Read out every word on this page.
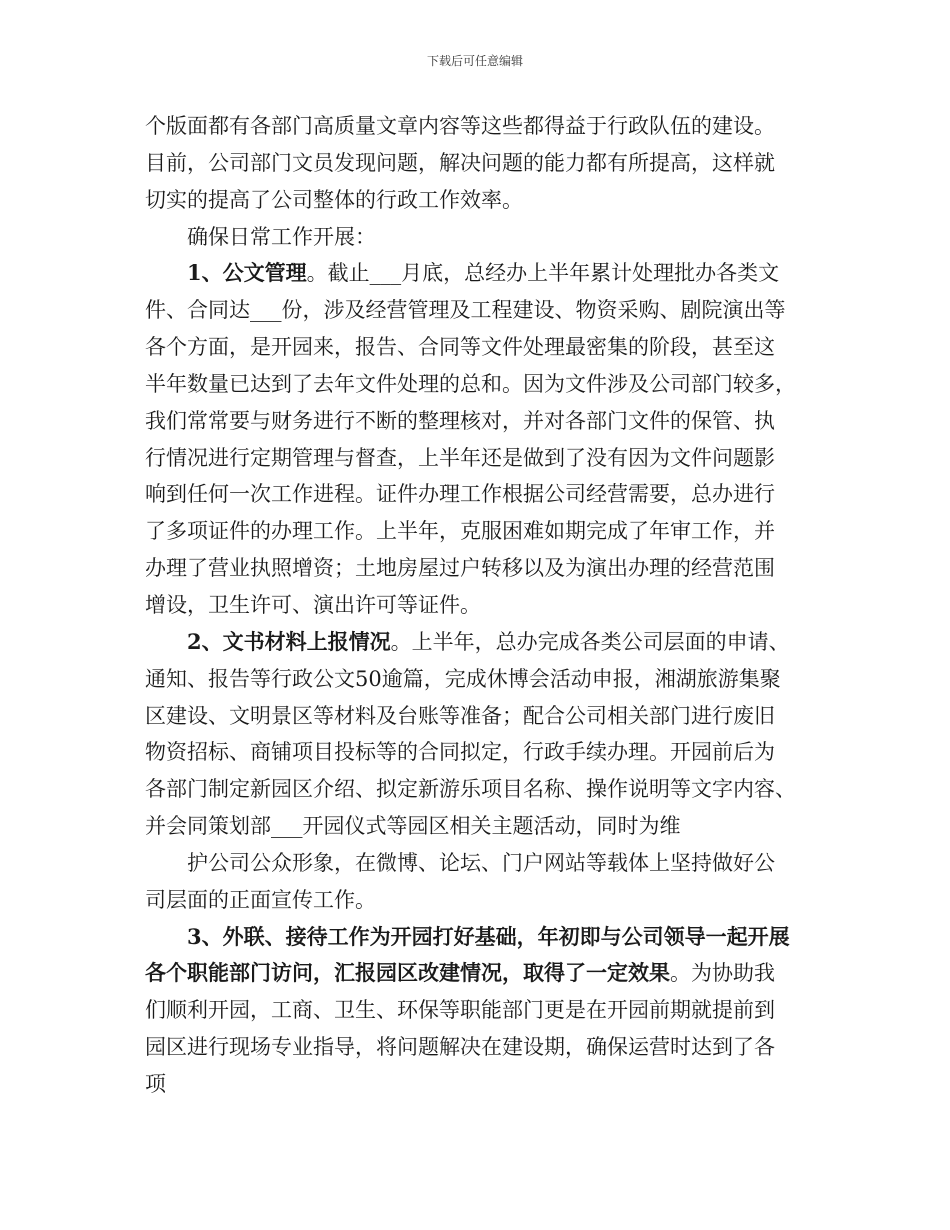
下载后可任意编辑
个版面都有各部门高质量文章内容等这些都得益于行政队伍的建设。
目前，公司部门文员发现问题，解决问题的能力都有所提高，这样就
切实的提高了公司整体的行政工作效率。
确保日常工作开展：
1、公文管理。截止___月底，总经办上半年累计处理批办各类文
件、合同达___份，涉及经营管理及工程建设、物资采购、剧院演出等
各个方面，是开园来，报告、合同等文件处理最密集的阶段，甚至这
半年数量已达到了去年文件处理的总和。因为文件涉及公司部门较多，
我们常常要与财务进行不断的整理核对，并对各部门文件的保管、执
行情况进行定期管理与督查，上半年还是做到了没有因为文件问题影
响到任何一次工作进程。证件办理工作根据公司经营需要，总办进行
了多项证件的办理工作。上半年，克服困难如期完成了年审工作，并
办理了营业执照增资；土地房屋过户转移以及为演出办理的经营范围
增设，卫生许可、演出许可等证件。
2、文书材料上报情况。上半年，总办完成各类公司层面的申请、
通知、报告等行政公文50逾篇，完成休博会活动申报，湘湖旅游集聚
区建设、文明景区等材料及台账等准备；配合公司相关部门进行废旧
物资招标、商铺项目投标等的合同拟定，行政手续办理。开园前后为
各部门制定新园区介绍、拟定新游乐项目名称、操作说明等文字内容、
并会同策划部___开园仪式等园区相关主题活动，同时为维
护公司公众形象，在微博、论坛、门户网站等载体上坚持做好公
司层面的正面宣传工作。
3、外联、接待工作为开园打好基础，年初即与公司领导一起开展
各个职能部门访问，汇报园区改建情况，取得了一定效果。为协助我
们顺利开园，工商、卫生、环保等职能部门更是在开园前期就提前到
园区进行现场专业指导，将问题解决在建设期，确保运营时达到了各
项
